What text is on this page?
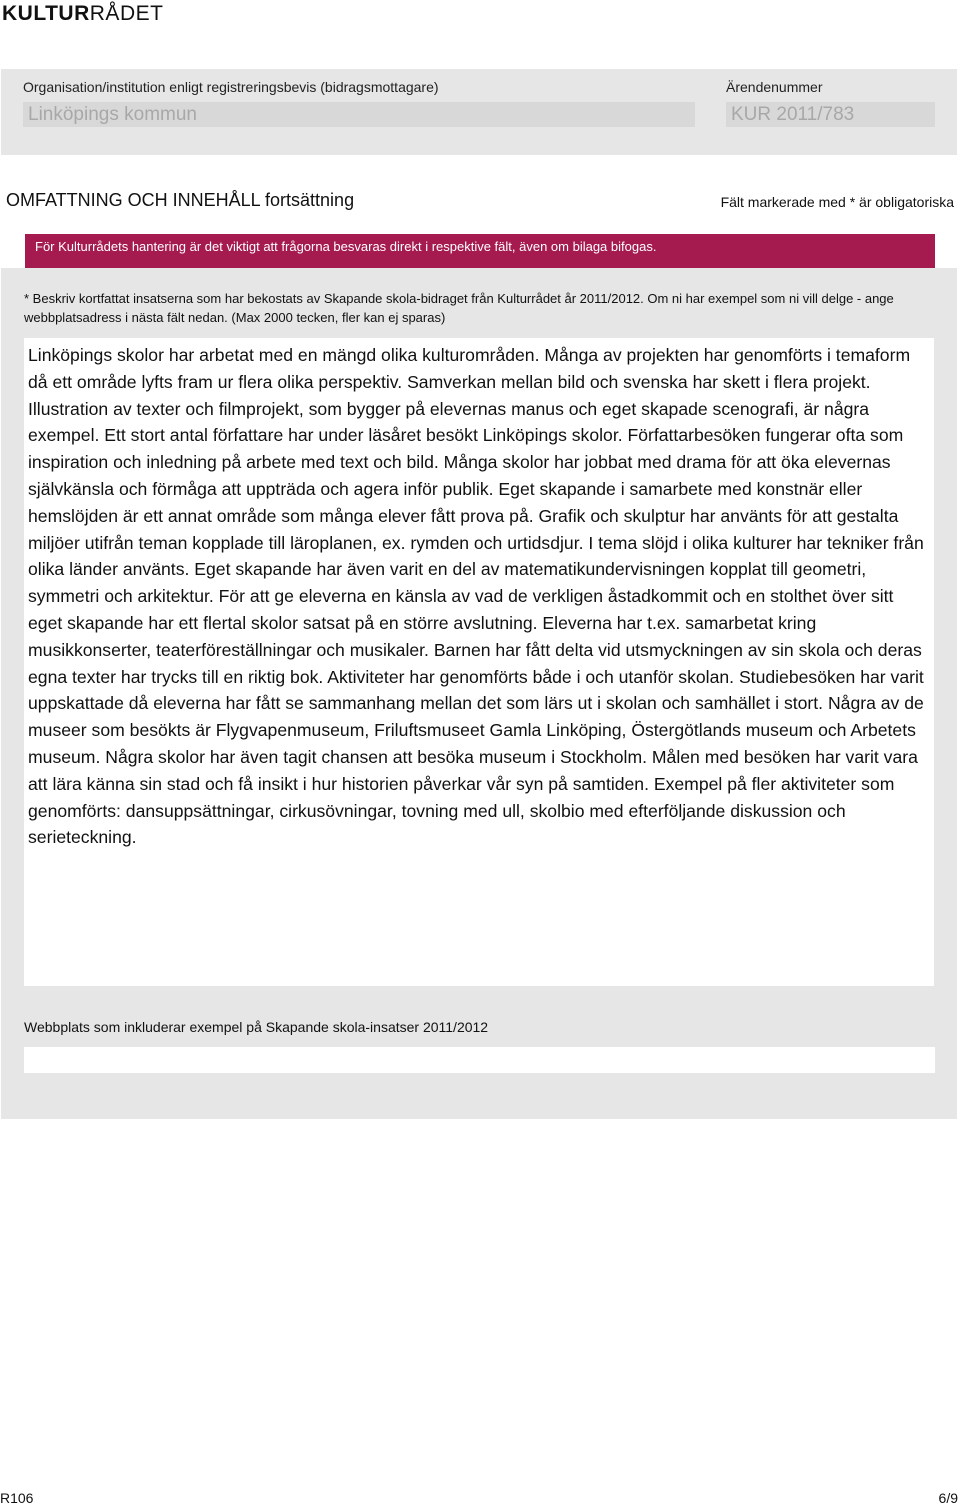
KULTURRÅDET
Organisation/institution enligt registreringsbevis (bidragsmottagare)
Linköpings kommun
Ärendenummer
KUR 2011/783
OMFATTNING OCH INNEHÅLL fortsättning	Fält markerade med * är obligatoriska
För Kulturrådets hantering är det viktigt att frågorna besvaras direkt i respektive fält, även om bilaga bifogas.
* Beskriv kortfattat insatserna som har bekostats av Skapande skola-bidraget från Kulturrådet år 2011/2012. Om ni har exempel som ni vill delge - ange webbplatsadress i nästa fält nedan. (Max 2000 tecken, fler kan ej sparas)
Webbplats som inkluderar exempel på Skapande skola-insatser 2011/2012
Linköpings skolor har arbetat med en mängd olika kulturområden. Många av projekten har genomförts i temaform då ett område lyfts fram ur flera olika perspektiv. Samverkan mellan bild och svenska har skett i flera projekt. Illustration av texter och filmprojekt, som bygger på elevernas manus och eget skapade scenografi, är några exempel. Ett stort antal författare har under läsåret besökt Linköpings skolor. Författarbesöken fungerar ofta som inspiration och inledning på arbete med text och bild. Många skolor har jobbat med drama för att öka elevernas självkänsla och förmåga att uppträda och agera inför publik. Eget skapande i samarbete med konstnär eller hemslöjden är ett annat område som många elever fått prova på. Grafik och skulptur har använts för att gestalta miljöer utifrån teman kopplade till läroplanen, ex. rymden och urtidsdjur. I tema slöjd i olika kulturer har tekniker från olika länder använts. Eget skapande har även varit en del av matematikundervisningen kopplat till geometri, symmetri och arkitektur. För att ge eleverna en känsla av vad de verkligen åstadkommit och en stolthet över sitt eget skapande har ett flertal skolor satsat på en större avslutning. Eleverna har t.ex. samarbetat kring musikkonserter, teaterföreställningar och musikaler. Barnen har fått delta vid utsmyckningen av sin skola och deras egna texter har trycks till en riktig bok. Aktiviteter har genomförts både i och utanför skolan. Studiebesöken har varit uppskattade då eleverna har fått se sammanhang mellan det som lärs ut i skolan och samhället i stort. Några av de museer som besökts är Flygvapenmuseum, Friluftsmuseet Gamla Linköping, Östergötlands museum och Arbetets museum. Några skolor har även tagit chansen att besöka museum i Stockholm. Målen med besöken har varit vara att lära känna sin stad och få insikt i hur historien påverkar vår syn på samtiden. Exempel på fler aktiviteter som genomförts: dansuppsättningar, cirkusövningar, tovning med ull, skolbio med efterföljande diskussion och serieteckning.
R106	6/9
